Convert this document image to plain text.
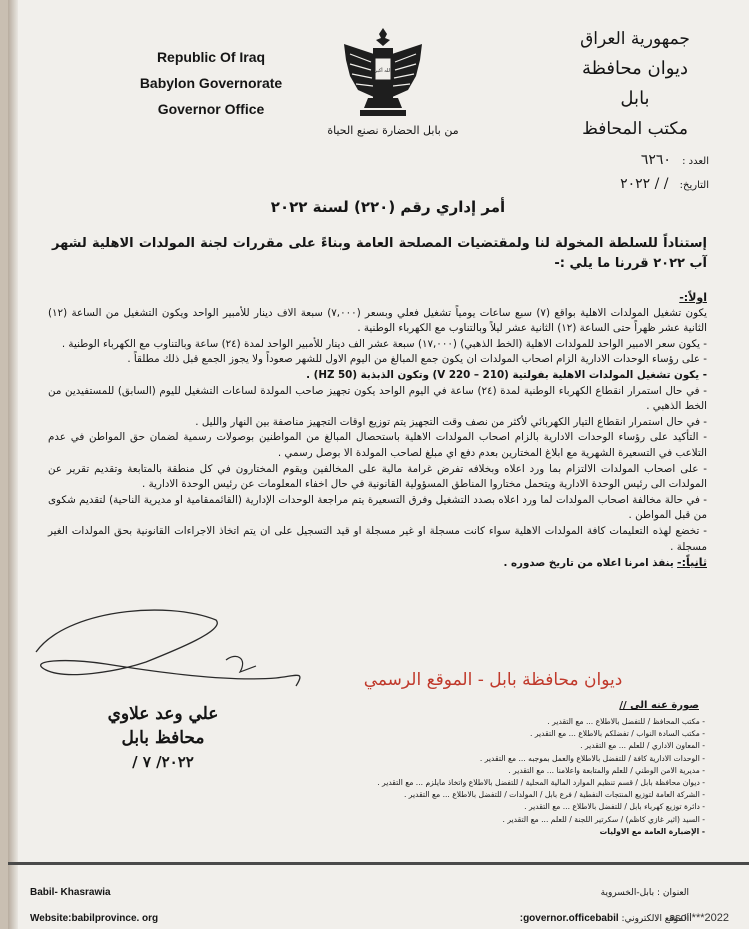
Republic Of Iraq
Babylon Governorate
Governor Office
الله أكبر
من بابل الحضارة نصنع الحياة
جمهورية العراق
ديوان محافظة بابل
مكتب المحافظ
العدد : ٦٢٦٠
التاريخ: / / ٢٠٢٢
أمر إداري رقم (٢٢٠) لسنة ٢٠٢٢
إستناداً للسلطة المخولة لنا ولمقتضيات المصلحة العامة وبناءً على مقررات لجنة المولدات الاهلية لشهر آب ٢٠٢٢ قررنا ما يلي :-

اولاً:-

يكون تشغيل المولدات الاهلية بواقع (٧) سبع ساعات يومياً تشغيل فعلي وبسعر (٧,٠٠٠) سبعة الاف دينار للأمبير الواحد ويكون التشغيل من الساعة (١٢) الثانية عشر ظهراً حتى الساعة (١٢) الثانية عشر ليلاً وبالتناوب مع الكهرباء الوطنية .

- يكون سعر الامبير الواحد للمولدات الاهلية (الخط الذهبي) (١٧,٠٠٠) سبعة عشر الف دينار للأمبير الواحد لمدة (٢٤) ساعة وبالتناوب مع الكهرباء الوطنية .

- على رؤساء الوحدات الادارية الزام اصحاب المولدات ان يكون جمع المبالغ من اليوم الاول للشهر صعوداً ولا يجوز الجمع قبل ذلك مطلقاً .

- يكون تشغيل المولدات الاهلية بفولتية (210 – 220 V) وتكون الذبذبة (HZ 50) .

- في حال استمرار انقطاع الكهرباء الوطنية لمدة (٢٤) ساعة في اليوم الواحد يكون تجهيز صاحب المولدة لساعات التشغيل لليوم (السابق) للمستفيدين من الخط الذهبي .

- في حال استمرار انقطاع التيار الكهربائي لأكثر من نصف وقت التجهيز يتم توزيع اوقات التجهيز مناصفة بين النهار والليل .

- التأكيد على رؤساء الوحدات الادارية بالزام اصحاب المولدات الاهلية باستحصال المبالغ من المواطنين بوصولات رسمية لضمان حق المواطن في عدم التلاعب في التسعيرة الشهرية مع ابلاغ المختارين بعدم دفع اي مبلغ لصاحب المولدة الا بوصل رسمي .

- على اصحاب المولدات الالتزام بما ورد اعلاه وبخلافه تفرض غرامة مالية على المخالفين ويقوم المختارون في كل منطقة بالمتابعة وتقديم تقرير عن المولدات الى رئيس الوحدة الادارية ويتحمل مختاروا المناطق المسؤولية القانونية في حال اخفاء المعلومات عن رئيس الوحدة الادارية .

- في حالة مخالفة اصحاب المولدات لما ورد اعلاه بصدد التشغيل وفرق التسعيرة يتم مراجعة الوحدات الإدارية (القائممقامية او مديرية الناحية) لتقديم شكوى من قبل المواطن .

- تخضع لهذه التعليمات كافة المولدات الاهلية سواء كانت مسجلة او غير مسجلة او قيد التسجيل على ان يتم اتخاذ الاجراءات القانونية بحق المولدات الغير مسجلة .

ثانياً:- ينفذ امرنا اعلاه من تاريخ صدوره .

ديوان محافظة بابل - الموقع الرسمي
علي وعد علاوي
محافظ بابل
٢٠٢٢/ ٧ /
صورة عنه الى //
- مكتب المحافظ / للتفضل بالاطلاع ... مع التقدير .
- مكتب السادة النواب / تفضلكم بالاطلاع ... مع التقدير .
- المعاون الاداري / للعلم ... مع التقدير .
- الوحدات الادارية كافة / للتفضل بالاطلاع والعمل بموجبه ... مع التقدير .
- مديرية الامن الوطني / للعلم والمتابعة واعلامنا ... مع التقدير .
- ديوان محافظة بابل / قسم تنظيم الموارد المالية المحلية / للتفضل بالاطلاع واتخاذ مايلزم ... مع التقدير .
- الشركة العامة لتوزيع المنتجات النفطية / فرع بابل / المولدات / للتفضل بالاطلاع ... مع التقدير .
- دائرة توزيع كهرباء بابل / للتفضل بالاطلاع ... مع التقدير .
- السيد (اثير غازي كاظم) / سكرتير اللجنة / للعلم ... مع التقدير .
- الإضبارة العامة مع الاوليات
Babil- Khasrawia
Website:babilprovince. org
العنوان : بابل-الخسروية
الموقع الالكتروني: governor.officebabil:	asoil***2022
